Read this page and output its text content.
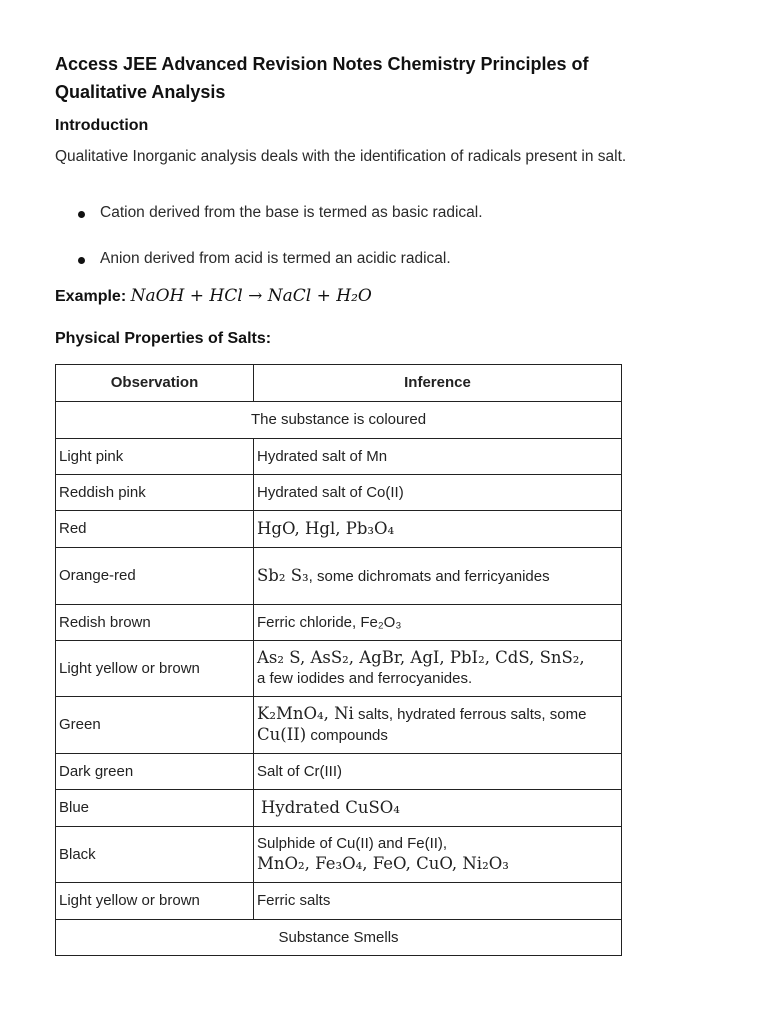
Access JEE Advanced Revision Notes Chemistry Principles of Qualitative Analysis
Introduction

Qualitative Inorganic analysis deals with the identification of radicals present in salt.

Cation derived from the base is termed as basic radical.
Anion derived from acid is termed an acidic radical.
Example: NaOH + HCl → NaCl + H₂O
Physical Properties of Salts:
Observation	Inference
The substance is coloured	
Light pink	Hydrated salt of Mn
Reddish pink	Hydrated salt of Co(II)
Red	HgO, Hgl, Pb₃O₄
Orange-red	Sb₂ S₃, some dichromats and ferricyanides
Redish brown	Ferric chloride, Fe₂O₃
Light yellow or brown	As₂ S, AsS₂, AgBr, AgI, PbI₂, CdS, SnS₂,
a few iodides and ferrocyanides.
Green	K₂MnO₄, Ni salts, hydrated ferrous salts, some Cu(II) compounds
Dark green	Salt of Cr(III)
Blue	Hydrated CuSO₄
Black	Sulphide of Cu(II) and Fe(II),
MnO₂, Fe₃O₄, FeO, CuO, Ni₂O₃
Light yellow or brown	Ferric salts
Substance Smells	
